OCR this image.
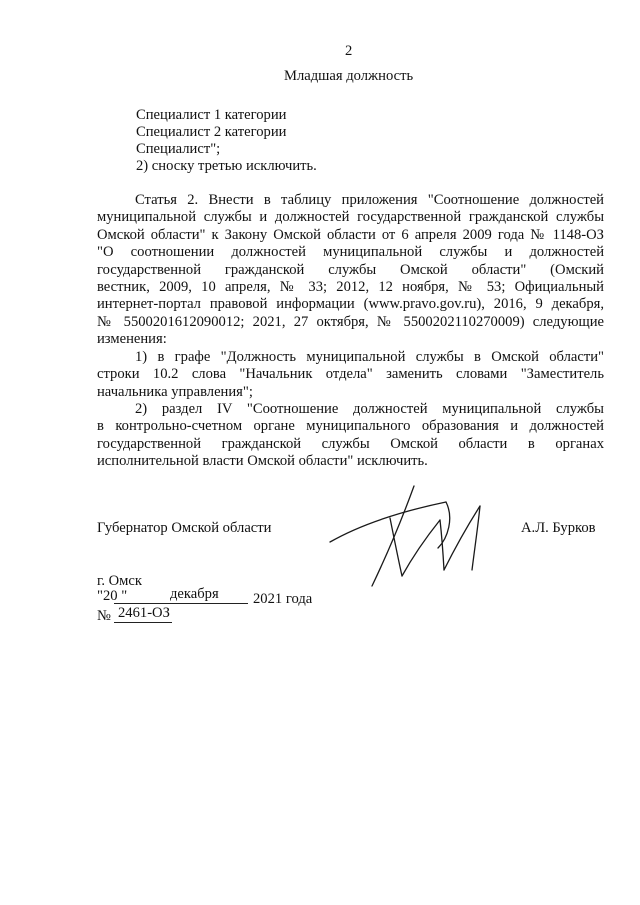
2
Младшая должность
Специалист 1 категории
Специалист 2 категории
Специалист";
2) сноску третью исключить.
Статья 2. Внести в таблицу приложения "Соотношение должностей
муниципальной службы и должностей государственной гражданской службы
Омской области" к Закону Омской области от 6 апреля 2009 года № 1148-ОЗ
"О соотношении должностей муниципальной службы и должностей
государственной гражданской службы Омской области" (Омский
вестник, 2009, 10 апреля, № 33; 2012, 12 ноября, № 53; Официальный
интернет-портал правовой информации (www.pravo.gov.ru), 2016, 9 декабря,
№ 5500201612090012; 2021, 27 октября, № 5500202110270009) следующие
изменения:
1) в графе "Должность муниципальной службы в Омской области"
строки 10.2 слова "Начальник отдела" заменить словами "Заместитель
начальника управления";
2) раздел IV "Соотношение должностей муниципальной службы
в контрольно-счетном органе муниципального образования и должностей
государственной гражданской службы Омской области в органах
исполнительной власти Омской области" исключить.
Губернатор Омской области	А.Л. Бурков
г. Омск
"20 "	декабря 2021 года
№ 2461-ОЗ
